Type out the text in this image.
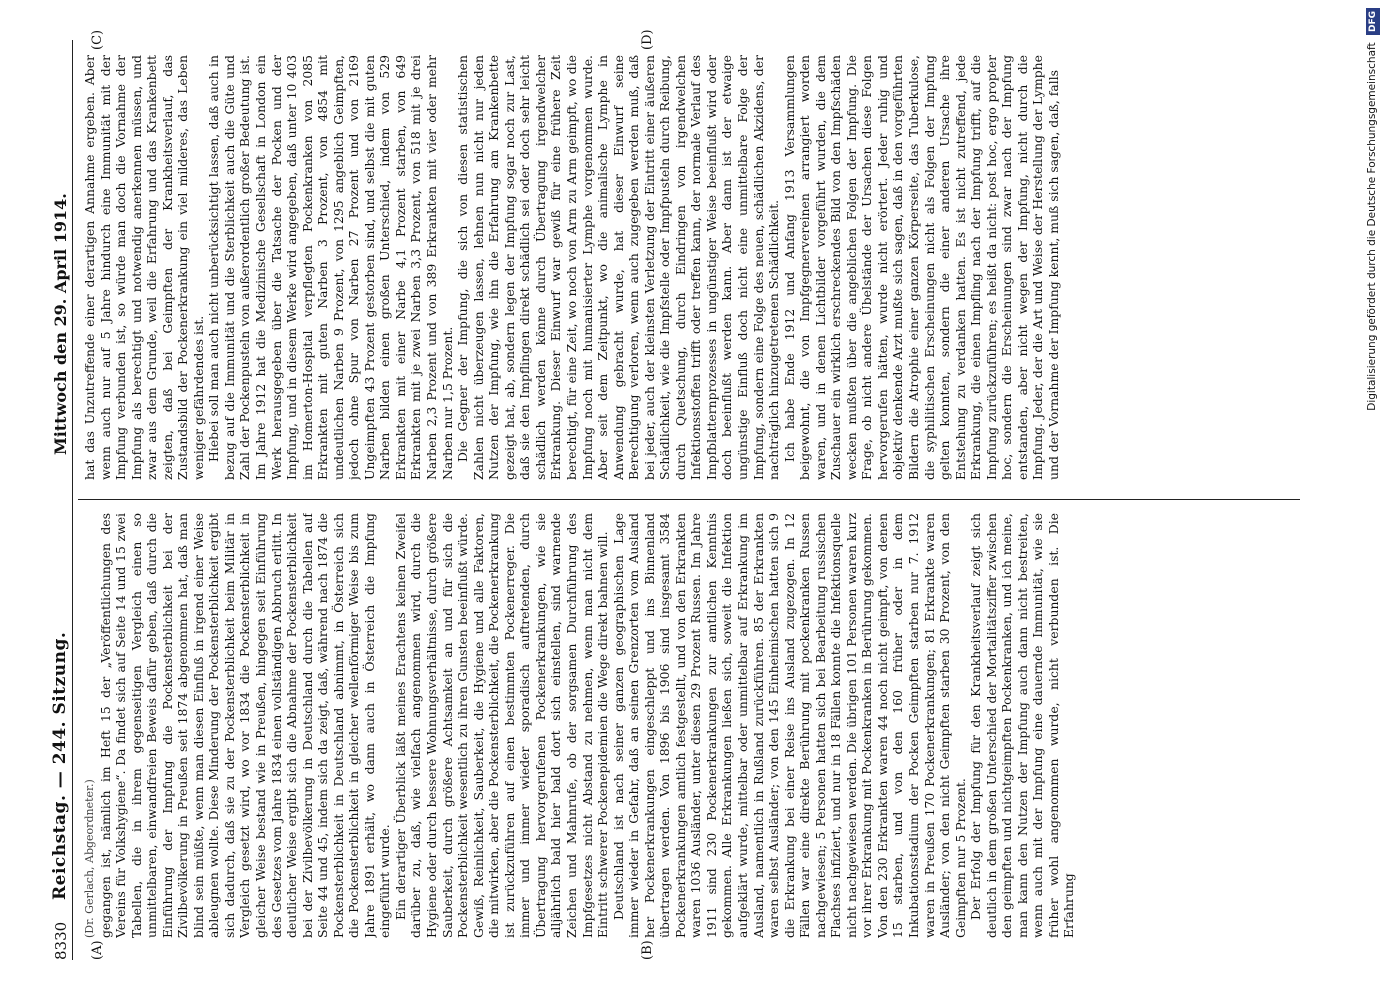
8330
Reichstag. — 244. Sitzung.
Mittwoch den 29. April 1914.
(A)	(B)
(C)	(D)

(Dr. Gerlach, Abgeordneter.) gegangen ist, nämlich im Heft 15 der „Veröffentlichungen des Vereins für Volkshygiene“. Da findet sich auf Seite 14 und 15 zwei Tabellen, die in ihrem gegenseitigen Vergleich einen so unmittelbaren, einwandfreien Beweis dafür geben, daß durch die Einführung der Impfung die Pockensterblichkeit bei der Zivilbevölkerung in Preußen seit 1874 abgenommen hat, daß man blind sein müßte, wenn man diesen Einfluß in irgend einer Weise ableugnen wollte. Diese Minderung der Pockensterblichkeit ergibt sich dadurch, daß sie zu der Pockensterblichkeit beim Militär in Vergleich gesetzt wird, wo vor 1834 die Pockensterblichkeit in gleicher Weise bestand wie in Preußen, hingegen seit Einführung des Gesetzes vom Jahre 1834 einen vollständigen Abbruch erlitt. In deutlicher Weise ergibt sich die Abnahme der Pockensterblichkeit bei der Zivilbevölkerung in Deutschland durch die Tabellen auf Seite 44 und 45, indem sich da zeigt, daß, während nach 1874 die Pockensterblichkeit in Deutschland abnimmt, in Österreich sich die Pockensterblichkeit in gleicher wellenförmiger Weise bis zum Jahre 1891 erhält, wo dann auch in Österreich die Impfung eingeführt wurde. Ein derartiger Überblick läßt meines Erachtens keinen Zweifel darüber zu, daß, wie vielfach angenommen wird, durch die Hygiene oder durch bessere Wohnungsverhältnisse, durch größere Sauberkeit, durch größere Achtsamkeit an und für sich die Pockensterblichkeit wesentlich zu ihren Gunsten beeinflußt würde. Gewiß, Reinlichkeit, Sauberkeit, die Hygiene und alle Faktoren, die mitwirken, aber die Pockensterblichkeit, die Pockenerkrankung ist zurückzuführen auf einen bestimmten Pockenerreger. Die immer und immer wieder sporadisch auftretenden, durch Übertragung hervorgerufenen Pockenerkrankungen, wie sie alljährlich bald hier bald dort sich einstellen, sind warnende Zeichen und Mahnrufe, ob der sorgsamen Durchführung des Impfgesetzes nicht Abstand zu nehmen, wenn man nicht dem Eintritt schwerer Pockenepidemien die Wege direkt bahnen will. Deutschland ist nach seiner ganzen geographischen Lage immer wieder in Gefahr, daß an seinen Grenzorten vom Ausland her Pockenerkrankungen eingeschleppt und ins Binnenland übertragen werden. Von 1896 bis 1906 sind insgesamt 3584 Pockenerkrankungen amtlich festgestellt, und von den Erkrankten waren 1036 Ausländer, unter diesen 29 Prozent Russen. Im Jahre 1911 sind 230 Pockenerkrankungen zur amtlichen Kenntnis gekommen. Alle Erkrankungen ließen sich, soweit die Infektion aufgeklärt wurde, mittelbar oder unmittelbar auf Erkrankung im Ausland, namentlich in Rußland zurückführen. 85 der Erkrankten waren selbst Ausländer; von den 145 Einheimischen hatten sich 9 die Erkrankung bei einer Reise ins Ausland zugezogen. In 12 Fällen war eine direkte Berührung mit pockenkranken Russen nachgewiesen; 5 Personen hatten sich bei Bearbeitung russischen Flachses infiziert, und nur in 18 Fällen konnte die Infektionsquelle nicht nachgewiesen werden. Die übrigen 101 Personen waren kurz vor ihrer Erkrankung mit Pockenkranken in Berührung gekommen. Von den 230 Erkrankten waren 44 noch nicht geimpft, von denen 15 starben, und von den 160 früher oder in dem Inkubationsstadium der Pocken Geimpften starben nur 7. 1912 waren in Preußen 170 Pockenerkrankungen; 81 Erkrankte waren Ausländer; von den nicht Geimpften starben 30 Prozent, von den Geimpften nur 5 Prozent. Der Erfolg der Impfung für den Krankheitsverlauf zeigt sich deutlich in dem großen Unterschied der Mortalitätsziffer zwischen den geimpften und nichtgeimpften Pockenkranken, und ich meine, man kann den Nutzen der Impfung auch dann nicht bestreiten, wenn auch mit der Impfung eine dauernde Immunität, wie sie früher wohl angenommen wurde, nicht verbunden ist. Die Erfahrung

hat das Unzutreffende einer derartigen Annahme ergeben. Aber wenn auch nur auf 5 Jahre hindurch eine Immunität mit der Impfung verbunden ist, so würde man doch die Vornahme der Impfung als berechtigt und notwendig anerkennen müssen, und zwar aus dem Grunde, weil die Erfahrung und das Krankenbett zeigten, daß bei Geimpften der Krankheitsverlauf, das Zustandsbild der Pockenerkrankung ein viel milderes, das Leben weniger gefährdendes ist. Hiebei soll man auch nicht unberücksichtigt lassen, daß auch in bezug auf die Immunität und die Sterblichkeit auch die Güte und Zahl der Pockenpusteln von außerordentlich großer Bedeutung ist. Im Jahre 1912 hat die Medizinische Gesellschaft in London ein Werk herausgegeben über die Tatsache der Pocken und der Impfung, und in diesem Werke wird angegeben, daß unter 10 403 im Homerton-Hospital verpflegten Pockenkranken von 2085 Erkrankten mit guten Narben 3 Prozent, von 4854 mit undeutlichen Narben 9 Prozent, von 1295 angeblich Geimpften, jedoch ohne Spur von Narben 27 Prozent und von 2169 Ungeimpften 43 Prozent gestorben sind, und selbst die mit guten Narben bilden einen großen Unterschied, indem von 529 Erkrankten mit einer Narbe 4,1 Prozent starben, von 649 Erkrankten mit je zwei Narben 3,3 Prozent, von 518 mit je drei Narben 2,3 Prozent und von 389 Erkrankten mit vier oder mehr Narben nur 1,5 Prozent. Die Gegner der Impfung, die sich von diesen statistischen Zahlen nicht überzeugen lassen, lehnen nun nicht nur jeden Nutzen der Impfung, wie ihn die Erfahrung am Krankenbette gezeigt hat, ab, sondern legen der Impfung sogar noch zur Last, daß sie den Impflingen direkt schädlich sei oder doch sehr leicht schädlich werden könne durch Übertragung irgendwelcher Erkrankung. Dieser Einwurf war gewiß für eine frühere Zeit berechtigt, für eine Zeit, wo noch von Arm zu Arm geimpft, wo die Impfung noch mit humanisierter Lymphe vorgenommen wurde. Aber seit dem Zeitpunkt, wo die animalische Lymphe in Anwendung gebracht wurde, hat dieser Einwurf seine Berechtigung verloren, wenn auch zugegeben werden muß, daß bei jeder, auch der kleinsten Verletzung der Eintritt einer äußeren Schädlichkeit, wie die Impfstelle oder Impfpusteln durch Reibung, durch Quetschung, durch Eindringen von irgendwelchen Infektionsstoffen trifft oder treffen kann, der normale Verlauf des Impfblatternprozesses in ungünstiger Weise beeinflußt wird oder doch beeinflußt werden kann. Aber dann ist der etwaige ungünstige Einfluß doch nicht eine unmittelbare Folge der Impfung, sondern eine Folge des neuen, schädlichen Akzidens, der nachträglich hinzugetretenen Schädlichkeit. Ich habe Ende 1912 und Anfang 1913 Versammlungen beigewohnt, die von Impfgegnervereinen arrangiert worden waren, und in denen Lichtbilder vorgeführt wurden, die dem Zuschauer ein wirklich erschreckendes Bild von den Impfschäden wecken mußten über die angeblichen Folgen der Impfung. Die Frage, ob nicht andere Übelstände der Ursachen diese Folgen hervorgerufen hätten, wurde nicht erörtert. Jeder ruhig und objektiv denkende Arzt mußte sich sagen, daß in den vorgeführten Bildern die Atrophie einer ganzen Körperseite, das Tuberkulose, die syphilitischen Erscheinungen nicht als Folgen der Impfung gelten konnten, sondern die einer anderen Ursache ihre Entstehung zu verdanken hatten. Es ist nicht zutreffend, jede Erkrankung, die einen Impfling nach der Impfung trifft, auf die Impfung zurückzuführen; es heißt da nicht: post hoc, ergo propter hoc, sondern die Erscheinungen sind zwar nach der Impfung entstanden, aber nicht wegen der Impfung, nicht durch die Impfung. Jeder, der die Art und Weise der Herstellung der Lymphe und der Vornahme der Impfung kennt, muß sich sagen, daß, falls	Digitalisierung gefördert durch die Deutsche Forschungsgemeinschaft DFG
